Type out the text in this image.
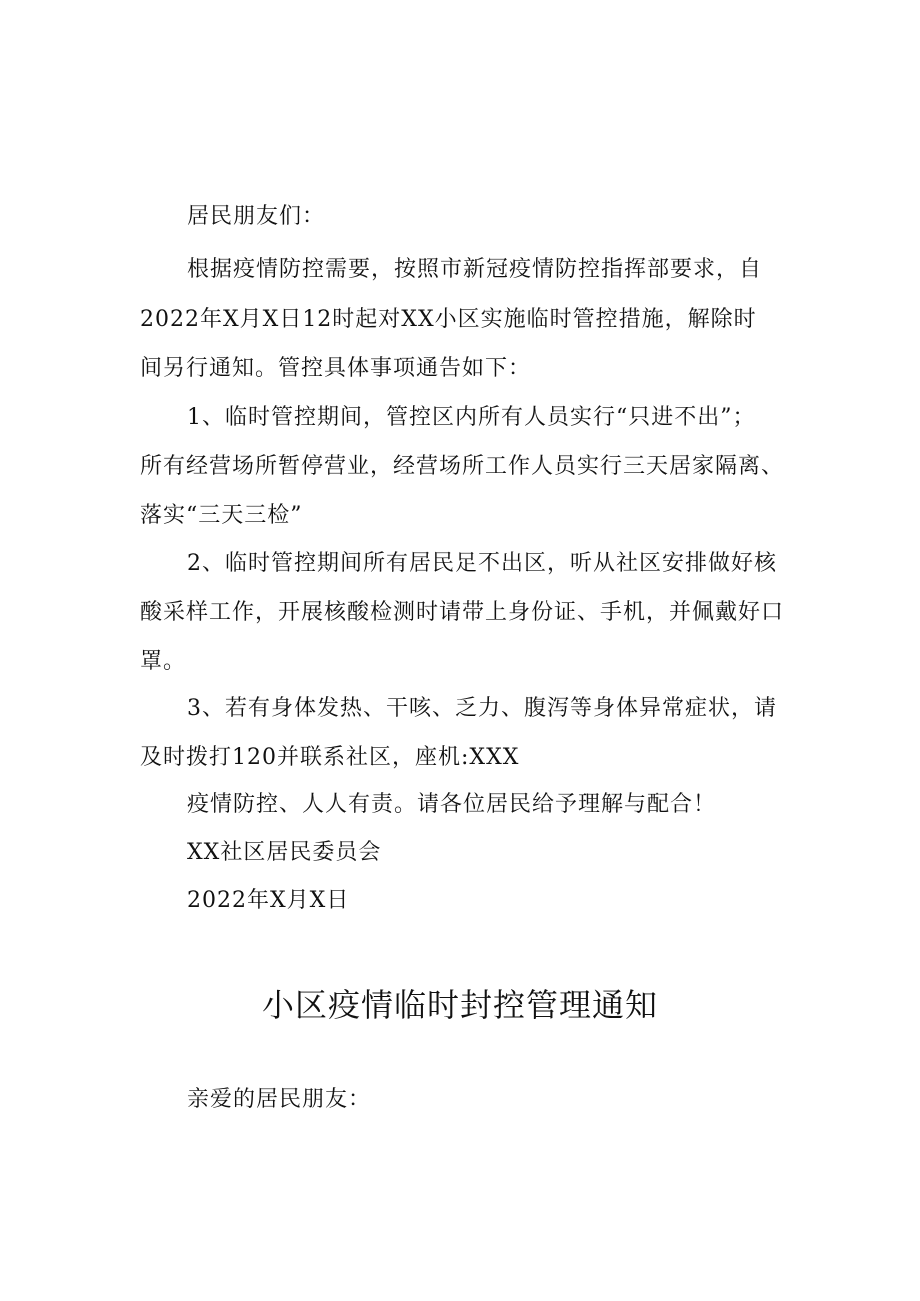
居民朋友们：
根据疫情防控需要，按照市新冠疫情防控指挥部要求，自
2022年X月X日12时起对XX小区实施临时管控措施，解除时
间另行通知。管控具体事项通告如下：
1、临时管控期间，管控区内所有人员实行“只进不出”；
所有经营场所暂停营业，经营场所工作人员实行三天居家隔离、
落实“三天三检”
2、临时管控期间所有居民足不出区，听从社区安排做好核
酸采样工作，开展核酸检测时请带上身份证、手机，并佩戴好口
罩。
3、若有身体发热、干咳、乏力、腹泻等身体异常症状，请
及时拨打120并联系社区，座机:XXX
疫情防控、人人有责。请各位居民给予理解与配合！
XX社区居民委员会
2022年X月X日
小区疫情临时封控管理通知
亲爱的居民朋友：
